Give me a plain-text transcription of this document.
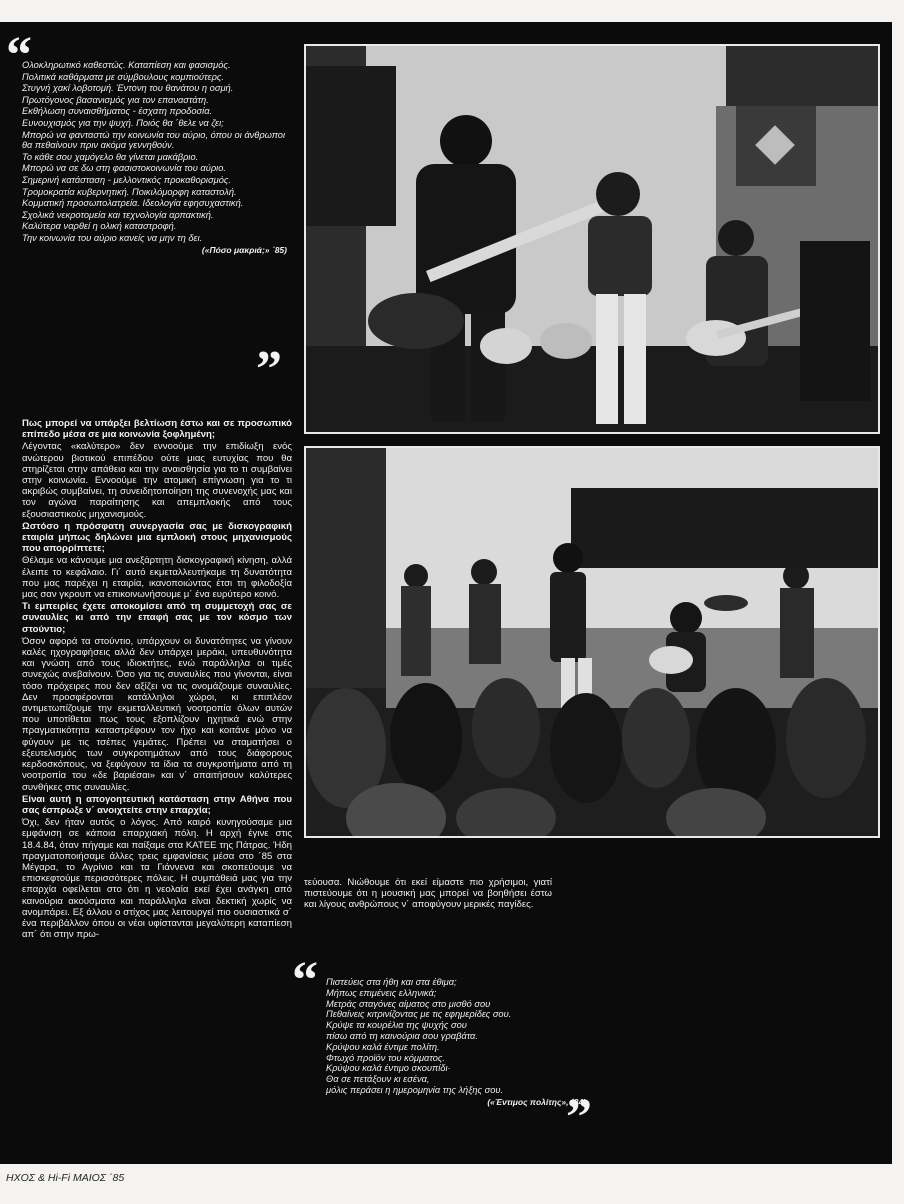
“

Ολοκληρωτικό καθεστώς. Καταπίεση και φασισμός.

Πολιτικά καθάρματα με σύμβουλους κομπιούτερς.

Στυγνή χακί λοβοτομή. Έντονη του θανάτου η οσμή.

Πρωτόγονος βασανισμός για τον επαναστάτη.

Εκθήλωση συναισθήματος - έσχατη προδοσία.

Ευνουχισμός για την ψυχή. Ποιός θα ´θελε να ζει;

Μπορώ να φανταστώ την κοινωνία του αύριο, όπου οι άνθρωποι θα πεθαίνουν πριν ακόμα γεννηθούν.

Το κάθε σου χαμόγελο θα γίνεται μακάβριο.

Μπορώ να σε δω στη φασιστοκοινωνία του αύριο.

Σημερινή κατάσταση - μελλοντικός προκαθορισμός.

Τρομοκρατία κυβερνητική. Ποικιλόμορφη καταστολή.

Κομματική προσωπολατρεία. Ιδεολογία εφησυχαστική.

Σχολικά νεκροτομεία και τεχνολογία αρπακτική.

Καλύτερα ναρθεί η ολική καταστροφή.

Την κοινωνία του αύριο κανείς να μην τη δει.

(«Πόσο μακριά;» ´85)
”

Πως μπορεί να υπάρξει βελτίωση έστω και σε προσωπικό επίπεδο μέσα σε μια κοινωνία ξοφλημένη;

Λέγοντας «καλύτερο» δεν εννοούμε την επιδίωξη ενός ανώτερου βιοτικού επιπέδου ούτε μιας ευτυχίας που θα στηρίζεται στην απάθεια και την αναισθησία για το τι συμβαίνει στην κοινωνία. Εννοούμε την ατομική επίγνωση για το τι ακριβώς συμβαίνει, τη συνειδητοποίηση της συνενοχής μας και τον αγώνα παραίτησης και απεμπλοκής από τους εξουσιαστικούς μηχανισμούς.

Ωστόσο η πρόσφατη συνεργασία σας με δισκογραφική εταιρία μήπως δηλώνει μια εμπλοκή στους μηχανισμούς που απορρίπτετε;

Θέλαμε να κάνουμε μια ανεξάρτητη δισκογραφική κίνηση, αλλά έλειπε το κεφάλαιο. Γι´ αυτό εκμεταλλευτήκαμε τη δυνατότητα που μας παρέχει η εταιρία, ικανοποιώντας έτσι τη φιλοδοξία μας σαν γκρουπ να επικοινωνήσουμε μ´ ένα ευρύτερο κοινό.

Τι εμπειρίες έχετε αποκομίσει από τη συμμετοχή σας σε συναυλίες κι από την επαφή σας με τον κόσμο των στούντιο;

Όσον αφορά τα στούντιο, υπάρχουν οι δυνατότητες να γίνουν καλές ηχογραφήσεις αλλά δεν υπάρχει μεράκι, υπευθυνότητα και γνώση από τους ιδιοκτήτες, ενώ παράλληλα οι τιμές συνεχώς ανεβαίνουν. Όσο για τις συναυλίες που γίνονται, είναι τόσο πρόχειρες που δεν αξίζει να τις ονομάζουμε συναυλίες. Δεν προσφέρονται κατάλληλοι χώροι, κι επιπλέον αντιμετωπίζουμε την εκμεταλλευτική νοοτροπία όλων αυτών που υποτίθεται πως τους εξοπλίζουν ηχητικά ενώ στην πραγματικότητα καταστρέφουν τον ήχο και κοιτάνε μόνο να φύγουν με τις τσέπες γεμάτες. Πρέπει να σταματήσει ο εξευτελισμός των συγκροτημάτων από τους διάφορους κερδοσκόπους, να ξεφύγουν τα ίδια τα συγκροτήματα από τη νοοτροπία του «δε βαριέσαι» και ν´ απαιτήσουν καλύτερες συνθήκες στις συναυλίες.

Είναι αυτή η απογοητευτική κατάσταση στην Αθήνα που σας έσπρωξε ν´ ανοιχτείτε στην επαρχία;

Όχι, δεν ήταν αυτός ο λόγος. Από καιρό κυνηγούσαμε μια εμφάνιση σε κάποια επαρχιακή πόλη. Η αρχή έγινε στις 18.4.84, όταν πήγαμε και παίξαμε στα ΚΑΤΕΕ της Πάτρας. Ήδη πραγματοποιήσαμε άλλες τρεις εμφανίσεις μέσα στο ´85 στα Μέγαρα, το Αγρίνιο και τα Γιάννενα και σκοπεύουμε να επισκεφτούμε περισσότερες πόλεις. Η συμπάθειά μας για την επαρχία οφείλεται στο ότι η νεολαία εκεί έχει ανάγκη από καινούρια ακούσματα και παράλληλα είναι δεκτική χωρίς να ανομπάρει. Εξ άλλου ο στίχος μας λειτουργεί πιο ουσιαστικά σ´ ένα περιβάλλον όπου οι νέοι υφίστανται μεγαλύτερη καταπίεση απ´ ότι στην πρω-

τεύουσα. Νιώθουμε ότι εκεί είμαστε πιο χρήσιμοι, γιατί πιστεύουμε ότι η μουσική μας μπορεί να βοηθήσει έστω και λίγους ανθρώπους ν´ αποφύγουν μερικές παγίδες.
“ Πιστεύεις στα ήθη και στα έθιμα;

Μήπως επιμένεις ελληνικά;

Μετράς σταγόνες αίματος στο μισθό σου

Πεθαίνεις κιτρινίζοντας με τις εφημερίδες σου.

Κρύψε τα κουρέλια της ψυχής σου

πίσω από τη καινούρια σου γραβάτα.

Κρύψου καλά έντιμε πολίτη.

Φτωχό προϊόν του κόμματος.

Κρύψου καλά έντιμο σκουπίδι·

Θα σε πετάξουν κι εσένα,

μόλις περάσει η ημερομηνία της λήξης σου.

(«Έντιμος πολίτης», ´84)
”
ΗΧΟΣ & Hi-Fi ΜΑΙΟΣ ´85
